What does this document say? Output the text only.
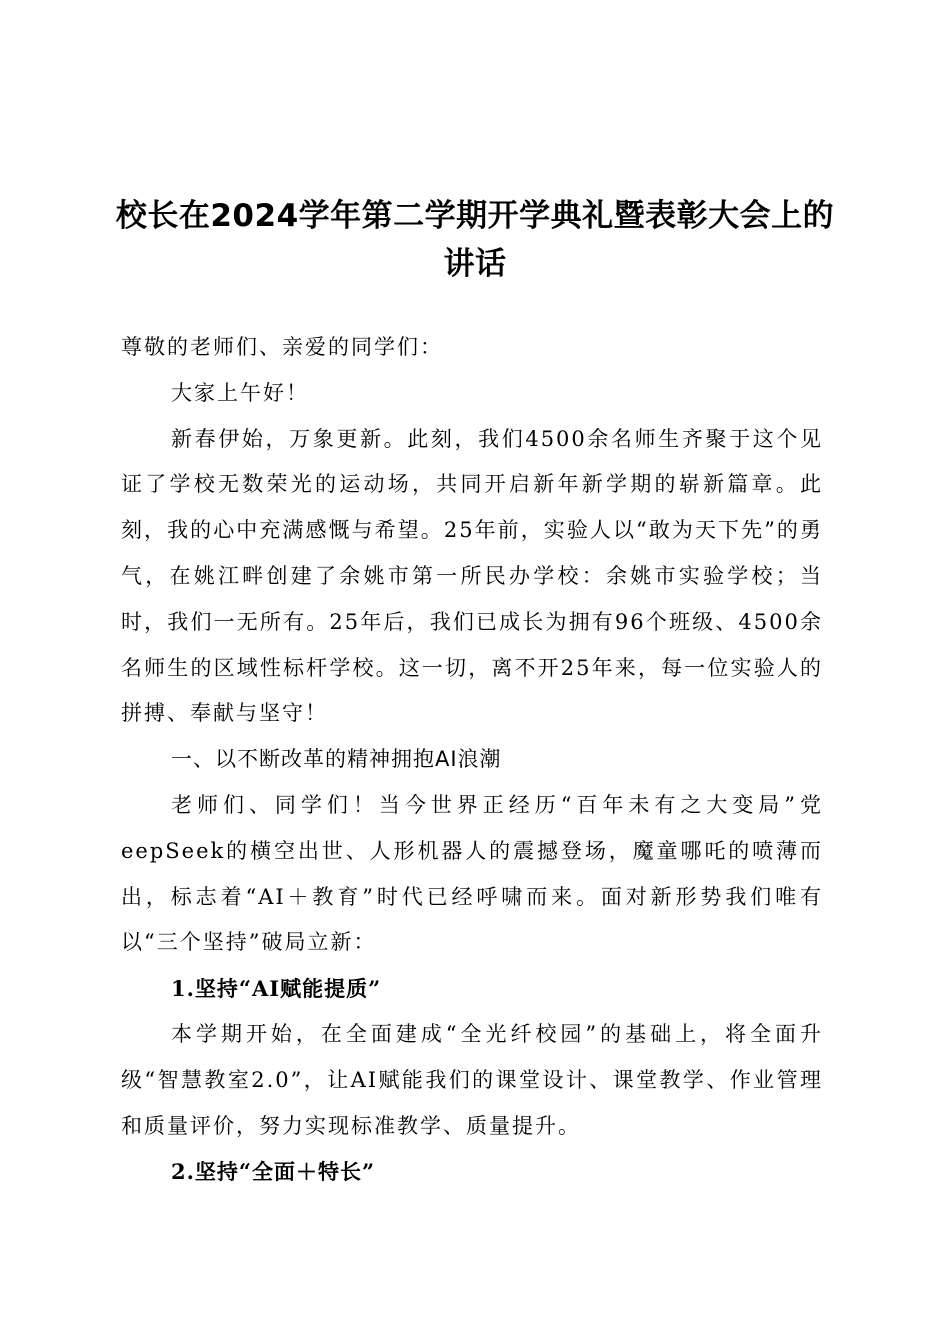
校长在2024学年第二学期开学典礼暨表彰大会上的讲话

尊敬的老师们、亲爱的同学们：

大家上午好！

新春伊始，万象更新。此刻，我们4500余名师生齐聚于这个见证了学校无数荣光的运动场，共同开启新年新学期的崭新篇章。此刻，我的心中充满感慨与希望。25年前，实验人以“敢为天下先”的勇气，在姚江畔创建了余姚市第一所民办学校：余姚市实验学校；当时，我们一无所有。25年后，我们已成长为拥有96个班级、4500余名师生的区域性标杆学校。这一切，离不开25年来，每一位实验人的拼搏、奉献与坚守！

一、以不断改革的精神拥抱AI浪潮

老师们、同学们！当今世界正经历“百年未有之大变局”党eepSeek的横空出世、人形机器人的震撼登场，魔童哪吒的喷薄而出，标志着“AI＋教育”时代已经呼啸而来。面对新形势我们唯有以“三个坚持”破局立新：

1.坚持“AI赋能提质”

本学期开始，在全面建成“全光纤校园”的基础上，将全面升级“智慧教室2.0”，让AI赋能我们的课堂设计、课堂教学、作业管理和质量评价，努力实现标准教学、质量提升。

2.坚持“全面＋特长”
